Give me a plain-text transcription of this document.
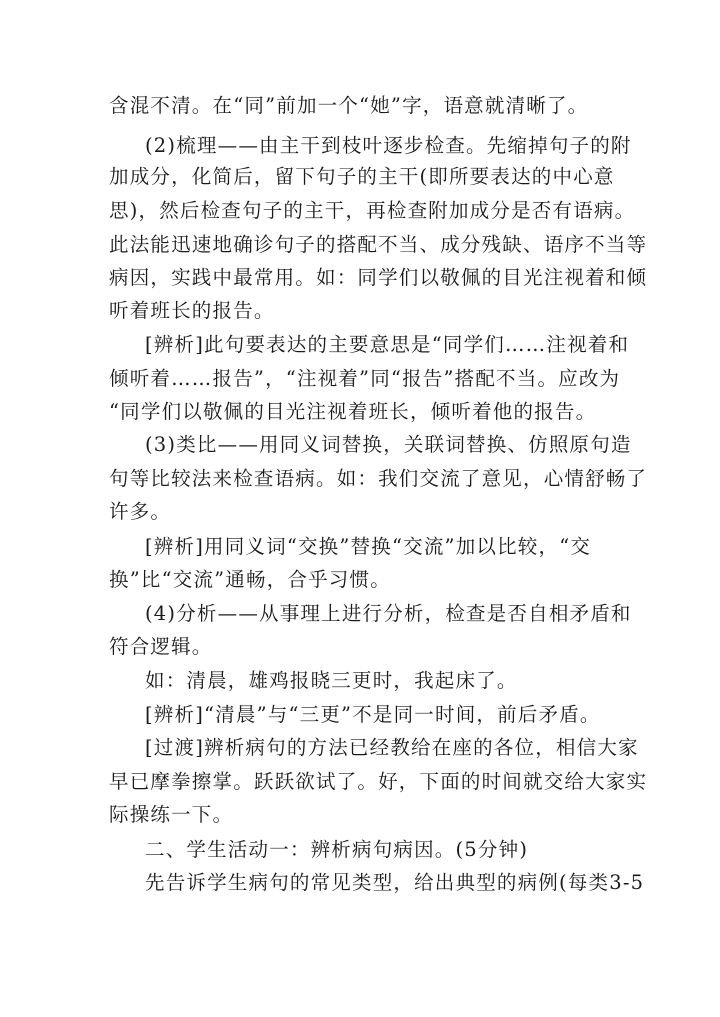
含混不清。在“同”前加一个“她”字，语意就清晰了。
(2)梳理——由主干到枝叶逐步检查。先缩掉句子的附
加成分，化简后，留下句子的主干(即所要表达的中心意
思)，然后检查句子的主干，再检查附加成分是否有语病。
此法能迅速地确诊句子的搭配不当、成分残缺、语序不当等
病因，实践中最常用。如：同学们以敬佩的目光注视着和倾
听着班长的报告。
[辨析]此句要表达的主要意思是“同学们……注视着和
倾听着……报告”，“注视着”同“报告”搭配不当。应改为
“同学们以敬佩的目光注视着班长，倾听着他的报告。
(3)类比——用同义词替换，关联词替换、仿照原句造
句等比较法来检查语病。如：我们交流了意见，心情舒畅了
许多。
[辨析]用同义词“交换”替换“交流”加以比较，“交
换”比“交流”通畅，合乎习惯。
(4)分析——从事理上进行分析，检查是否自相矛盾和
符合逻辑。
如：清晨，雄鸡报晓三更时，我起床了。
[辨析]“清晨”与“三更”不是同一时间，前后矛盾。
[过渡]辨析病句的方法已经教给在座的各位，相信大家
早已摩拳擦掌。跃跃欲试了。好，下面的时间就交给大家实
际操练一下。
二、学生活动一：辨析病句病因。(5分钟)
先告诉学生病句的常见类型，给出典型的病例(每类3-5
